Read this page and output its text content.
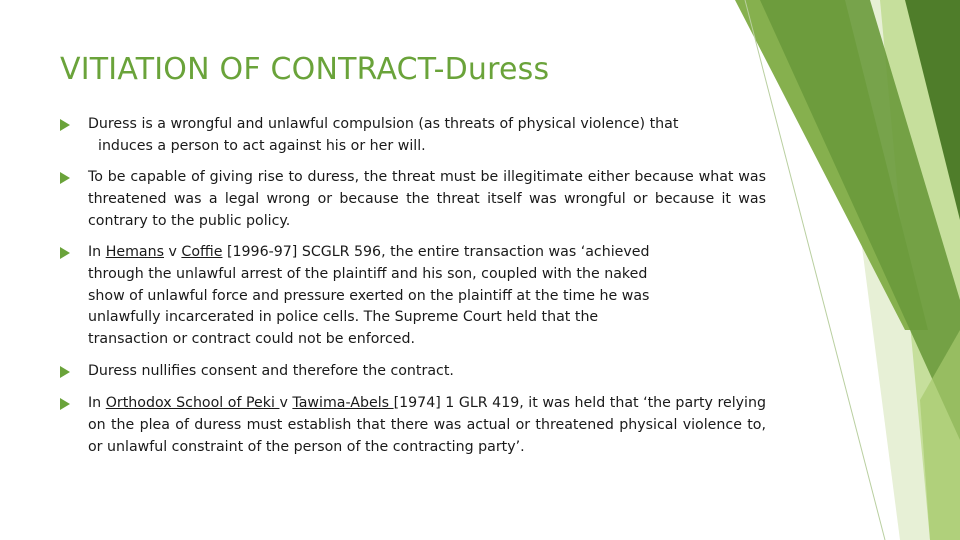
VITIATION OF CONTRACT-Duress

Duress is a wrongful and unlawful compulsion (as threats of physical violence) that

induces a person to act against his or her will.

To be capable of giving rise to duress, the threat must be illegitimate either because what was threatened was a legal wrong or because the threat itself was wrongful or because it was contrary to the public policy.

In Hemans v Coffie [1996-97] SCGLR 596, the entire transaction was ‘achieved

through the unlawful arrest of the plaintiff and his son, coupled with the naked

show of unlawful force and pressure exerted on the plaintiff at the time he was

unlawfully incarcerated in police cells. The Supreme Court held that the

transaction or contract could not be enforced.

Duress nullifies consent and therefore the contract.
In Orthodox School of Peki v Tawima-Abels [1974] 1 GLR 419, it was held that ‘the party relying on the plea of duress must establish that there was actual or threatened physical violence to, or unlawful constraint of the person of the contracting party’.
